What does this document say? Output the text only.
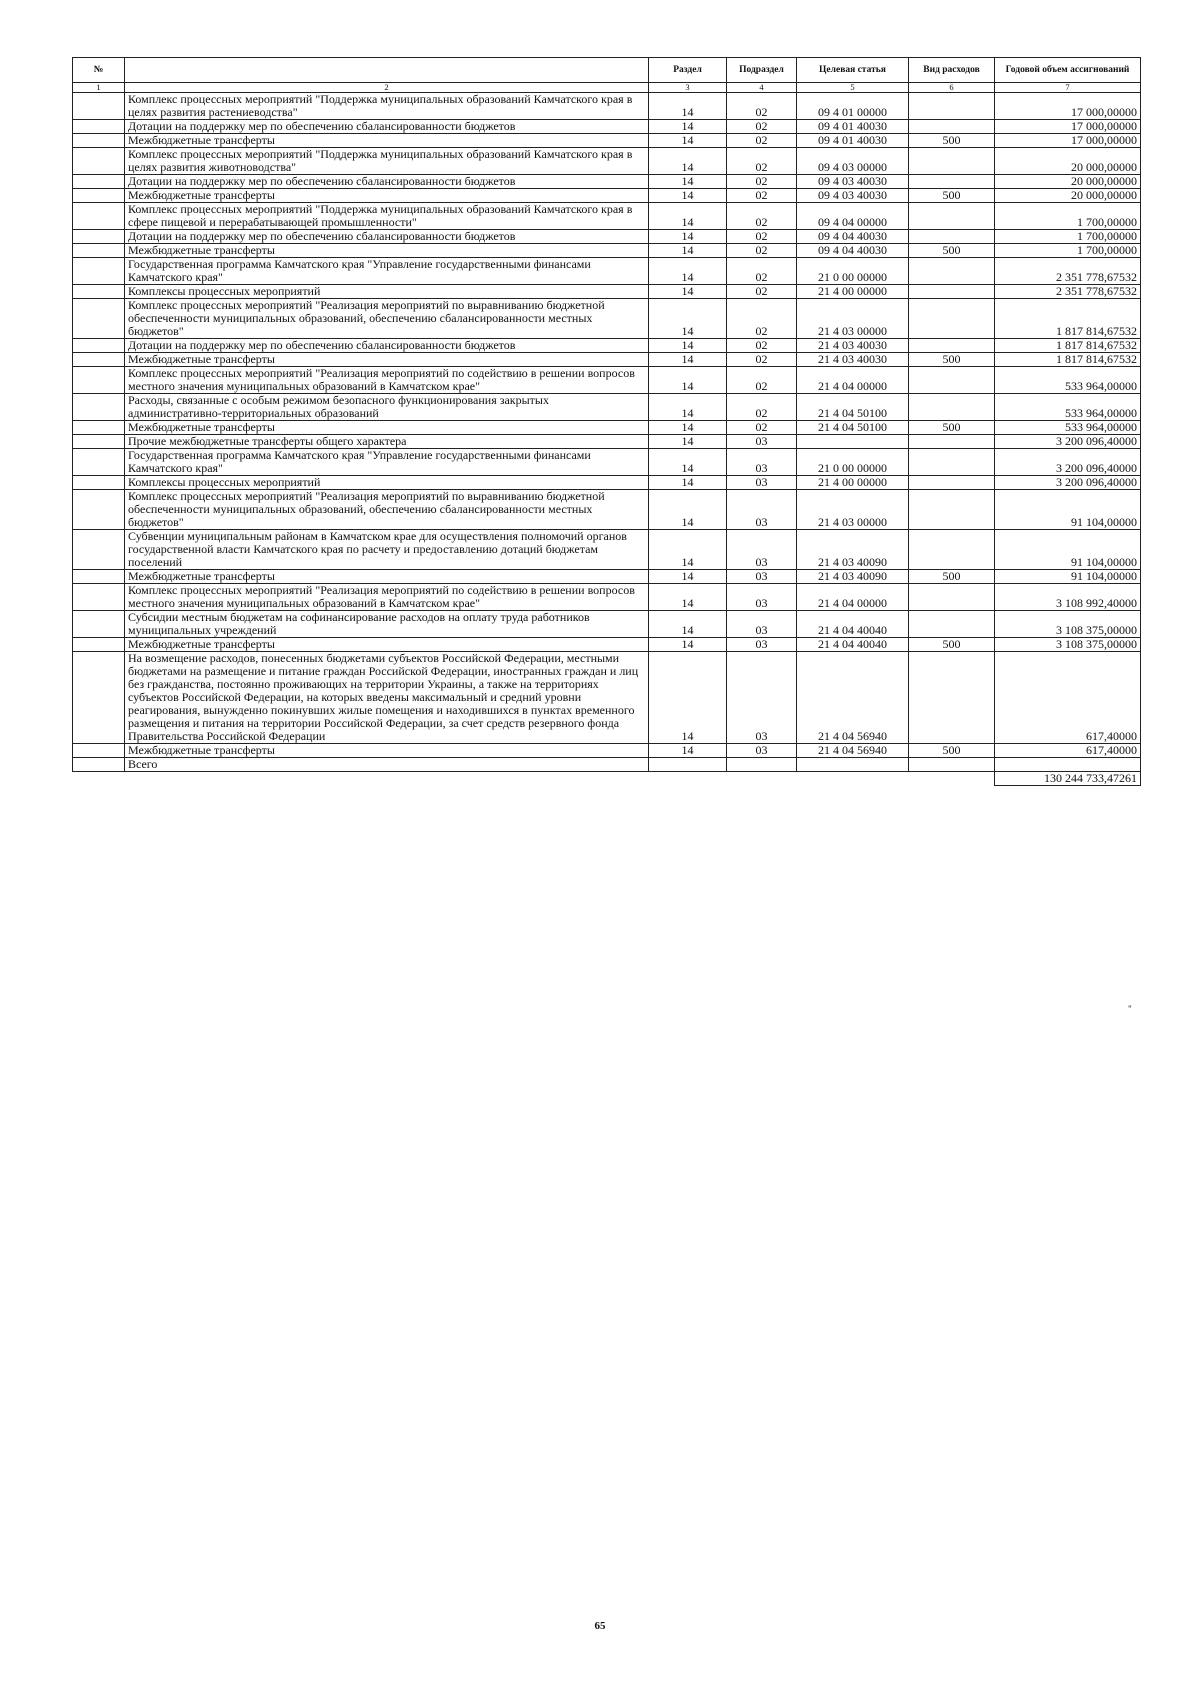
№		Раздел	Подраздел	Целевая статья	Вид расходов	Годовой объем ассигнований
1	2	3	4	5	6	7
	Комплекс процессных мероприятий "Поддержка муниципальных образований Камчатского края в целях развития растениеводства"	14	02	09 4 01 00000		17 000,00000
	Дотации на поддержку мер по обеспечению сбалансированности бюджетов	14	02	09 4 01 40030		17 000,00000
	Межбюджетные трансферты	14	02	09 4 01 40030	500	17 000,00000
	Комплекс процессных мероприятий "Поддержка муниципальных образований Камчатского края в целях развития животноводства"	14	02	09 4 03 00000		20 000,00000
	Дотации на поддержку мер по обеспечению сбалансированности бюджетов	14	02	09 4 03 40030		20 000,00000
	Межбюджетные трансферты	14	02	09 4 03 40030	500	20 000,00000
	Комплекс процессных мероприятий "Поддержка муниципальных образований Камчатского края в сфере пищевой и перерабатывающей промышленности"	14	02	09 4 04 00000		1 700,00000
	Дотации на поддержку мер по обеспечению сбалансированности бюджетов	14	02	09 4 04 40030		1 700,00000
	Межбюджетные трансферты	14	02	09 4 04 40030	500	1 700,00000
	Государственная программа Камчатского края "Управление государственными финансами Камчатского края"	14	02	21 0 00 00000		2 351 778,67532
	Комплексы процессных мероприятий	14	02	21 4 00 00000		2 351 778,67532
	Комплекс процессных мероприятий "Реализация мероприятий по выравниванию бюджетной обеспеченности муниципальных образований, обеспечению сбалансированности местных бюджетов"	14	02	21 4 03 00000		1 817 814,67532
	Дотации на поддержку мер по обеспечению сбалансированности бюджетов	14	02	21 4 03 40030		1 817 814,67532
	Межбюджетные трансферты	14	02	21 4 03 40030	500	1 817 814,67532
	Комплекс процессных мероприятий "Реализация мероприятий по содействию в решении вопросов местного значения муниципальных образований в Камчатском крае"	14	02	21 4 04 00000		533 964,00000
	Расходы, связанные с особым режимом безопасного функционирования закрытых административно-территориальных образований	14	02	21 4 04 50100		533 964,00000
	Межбюджетные трансферты	14	02	21 4 04 50100	500	533 964,00000
	Прочие межбюджетные трансферты общего характера	14	03			3 200 096,40000
	Государственная программа Камчатского края "Управление государственными финансами Камчатского края"	14	03	21 0 00 00000		3 200 096,40000
	Комплексы процессных мероприятий	14	03	21 4 00 00000		3 200 096,40000
	Комплекс процессных мероприятий "Реализация мероприятий по выравниванию бюджетной обеспеченности муниципальных образований, обеспечению сбалансированности местных бюджетов"	14	03	21 4 03 00000		91 104,00000
	Субвенции муниципальным районам в Камчатском крае для осуществления полномочий органов государственной власти Камчатского края по расчету и предоставлению дотаций бюджетам поселений	14	03	21 4 03 40090		91 104,00000
	Межбюджетные трансферты	14	03	21 4 03 40090	500	91 104,00000
	Комплекс процессных мероприятий "Реализация мероприятий по содействию в решении вопросов местного значения муниципальных образований в Камчатском крае"	14	03	21 4 04 00000		3 108 992,40000
	Субсидии местным бюджетам на софинансирование расходов на оплату труда работников муниципальных учреждений	14	03	21 4 04 40040		3 108 375,00000
	Межбюджетные трансферты	14	03	21 4 04 40040	500	3 108 375,00000
	На возмещение расходов, понесенных бюджетами субъектов Российской Федерации, местными бюджетами на размещение и питание граждан Российской Федерации, иностранных граждан и лиц без гражданства, постоянно проживающих на территории Украины, а также на территориях субъектов Российской Федерации, на которых введены максимальный и средний уровни реагирования, вынужденно покинувших жилые помещения и находившихся в пунктах временного размещения и питания на территории Российской Федерации, за счет средств резервного фонда Правительства Российской Федерации	14	03	21 4 04 56940		617,40000
	Межбюджетные трансферты	14	03	21 4 04 56940	500	617,40000
	Всего					
						130 244 733,47261
"
65
